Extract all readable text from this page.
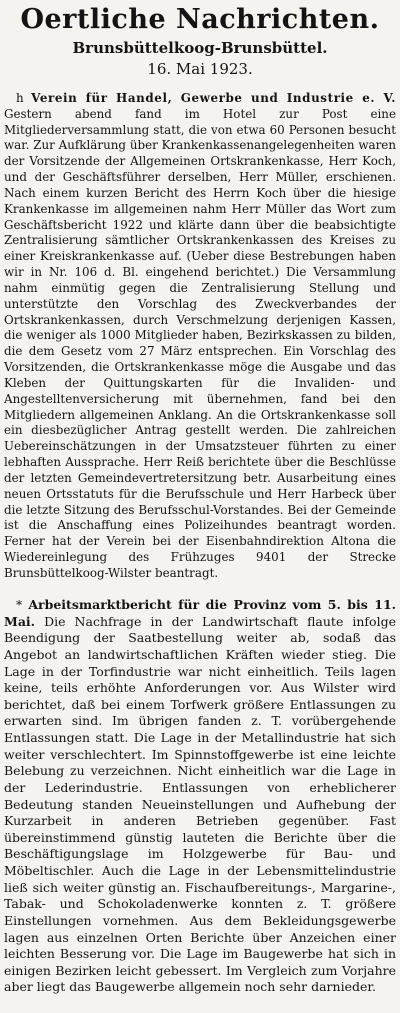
Oertliche Nachrichten.
Brunsbüttelkoog-Brunsbüttel.
16. Mai 1923.

h Verein für Handel, Gewerbe und Industrie e. V. Gestern abend fand im Hotel zur Post eine Mitgliederversammlung statt, die von etwa 60 Personen besucht war. Zur Aufklärung über Krankenkassenangelegenheiten waren der Vorsitzende der Allgemeinen Ortskrankenkasse, Herr Koch, und der Geschäftsführer derselben, Herr Müller, erschienen. Nach einem kurzen Bericht des Herrn Koch über die hiesige Krankenkasse im allgemeinen nahm Herr Müller das Wort zum Geschäftsbericht 1922 und klärte dann über die beabsichtigte Zentralisierung sämtlicher Ortskrankenkassen des Kreises zu einer Kreiskrankenkasse auf. (Ueber diese Bestrebungen haben wir in Nr. 106 d. Bl. eingehend berichtet.) Die Versammlung nahm einmütig gegen die Zentralisierung Stellung und unterstützte den Vorschlag des Zweckverbandes der Ortskrankenkassen, durch Verschmelzung derjenigen Kassen, die weniger als 1000 Mitglieder haben, Bezirkskassen zu bilden, die dem Gesetz vom 27 März entsprechen. Ein Vorschlag des Vorsitzenden, die Ortskrankenkasse möge die Ausgabe und das Kleben der Quittungskarten für die Invaliden- und Angestelltenversicherung mit übernehmen, fand bei den Mitgliedern allgemeinen Anklang. An die Ortskrankenkasse soll ein diesbezüglicher Antrag gestellt werden. Die zahlreichen Uebereinschätzungen in der Umsatzsteuer führten zu einer lebhaften Aussprache. Herr Reiß berichtete über die Beschlüsse der letzten Gemeindevertretersitzung betr. Ausarbeitung eines neuen Ortsstatuts für die Berufsschule und Herr Harbeck über die letzte Sitzung des Berufsschul-Vorstandes. Bei der Gemeinde ist die Anschaffung eines Polizeihundes beantragt worden. Ferner hat der Verein bei der Eisenbahndirektion Altona die Wiedereinlegung des Frühzuges 9401 der Strecke Brunsbüttelkoog-Wilster beantragt.

* Arbeitsmarktbericht für die Provinz vom 5. bis 11. Mai. Die Nachfrage in der Landwirtschaft flaute infolge Beendigung der Saatbestellung weiter ab, sodaß das Angebot an landwirtschaftlichen Kräften wieder stieg. Die Lage in der Torfindustrie war nicht einheitlich. Teils lagen keine, teils erhöhte Anforderungen vor. Aus Wilster wird berichtet, daß bei einem Torfwerk größere Entlassungen zu erwarten sind. Im übrigen fanden z. T. vorübergehende Entlassungen statt. Die Lage in der Metallindustrie hat sich weiter verschlechtert. Im Spinnstoffgewerbe ist eine leichte Belebung zu verzeichnen. Nicht einheitlich war die Lage in der Lederindustrie. Entlassungen von erheblicherer Bedeutung standen Neueinstellungen und Aufhebung der Kurzarbeit in anderen Betrieben gegenüber. Fast übereinstimmend günstig lauteten die Berichte über die Beschäftigungslage im Holzgewerbe für Bau- und Möbeltischler. Auch die Lage in der Lebensmittelindustrie ließ sich weiter günstig an. Fischaufbereitungs-, Margarine-, Tabak- und Schokoladenwerke konnten z. T. größere Einstellungen vornehmen. Aus dem Bekleidungsgewerbe lagen aus einzelnen Orten Berichte über Anzeichen einer leichten Besserung vor. Die Lage im Baugewerbe hat sich in einigen Bezirken leicht gebessert. Im Vergleich zum Vorjahre aber liegt das Baugewerbe allgemein noch sehr darnieder.
